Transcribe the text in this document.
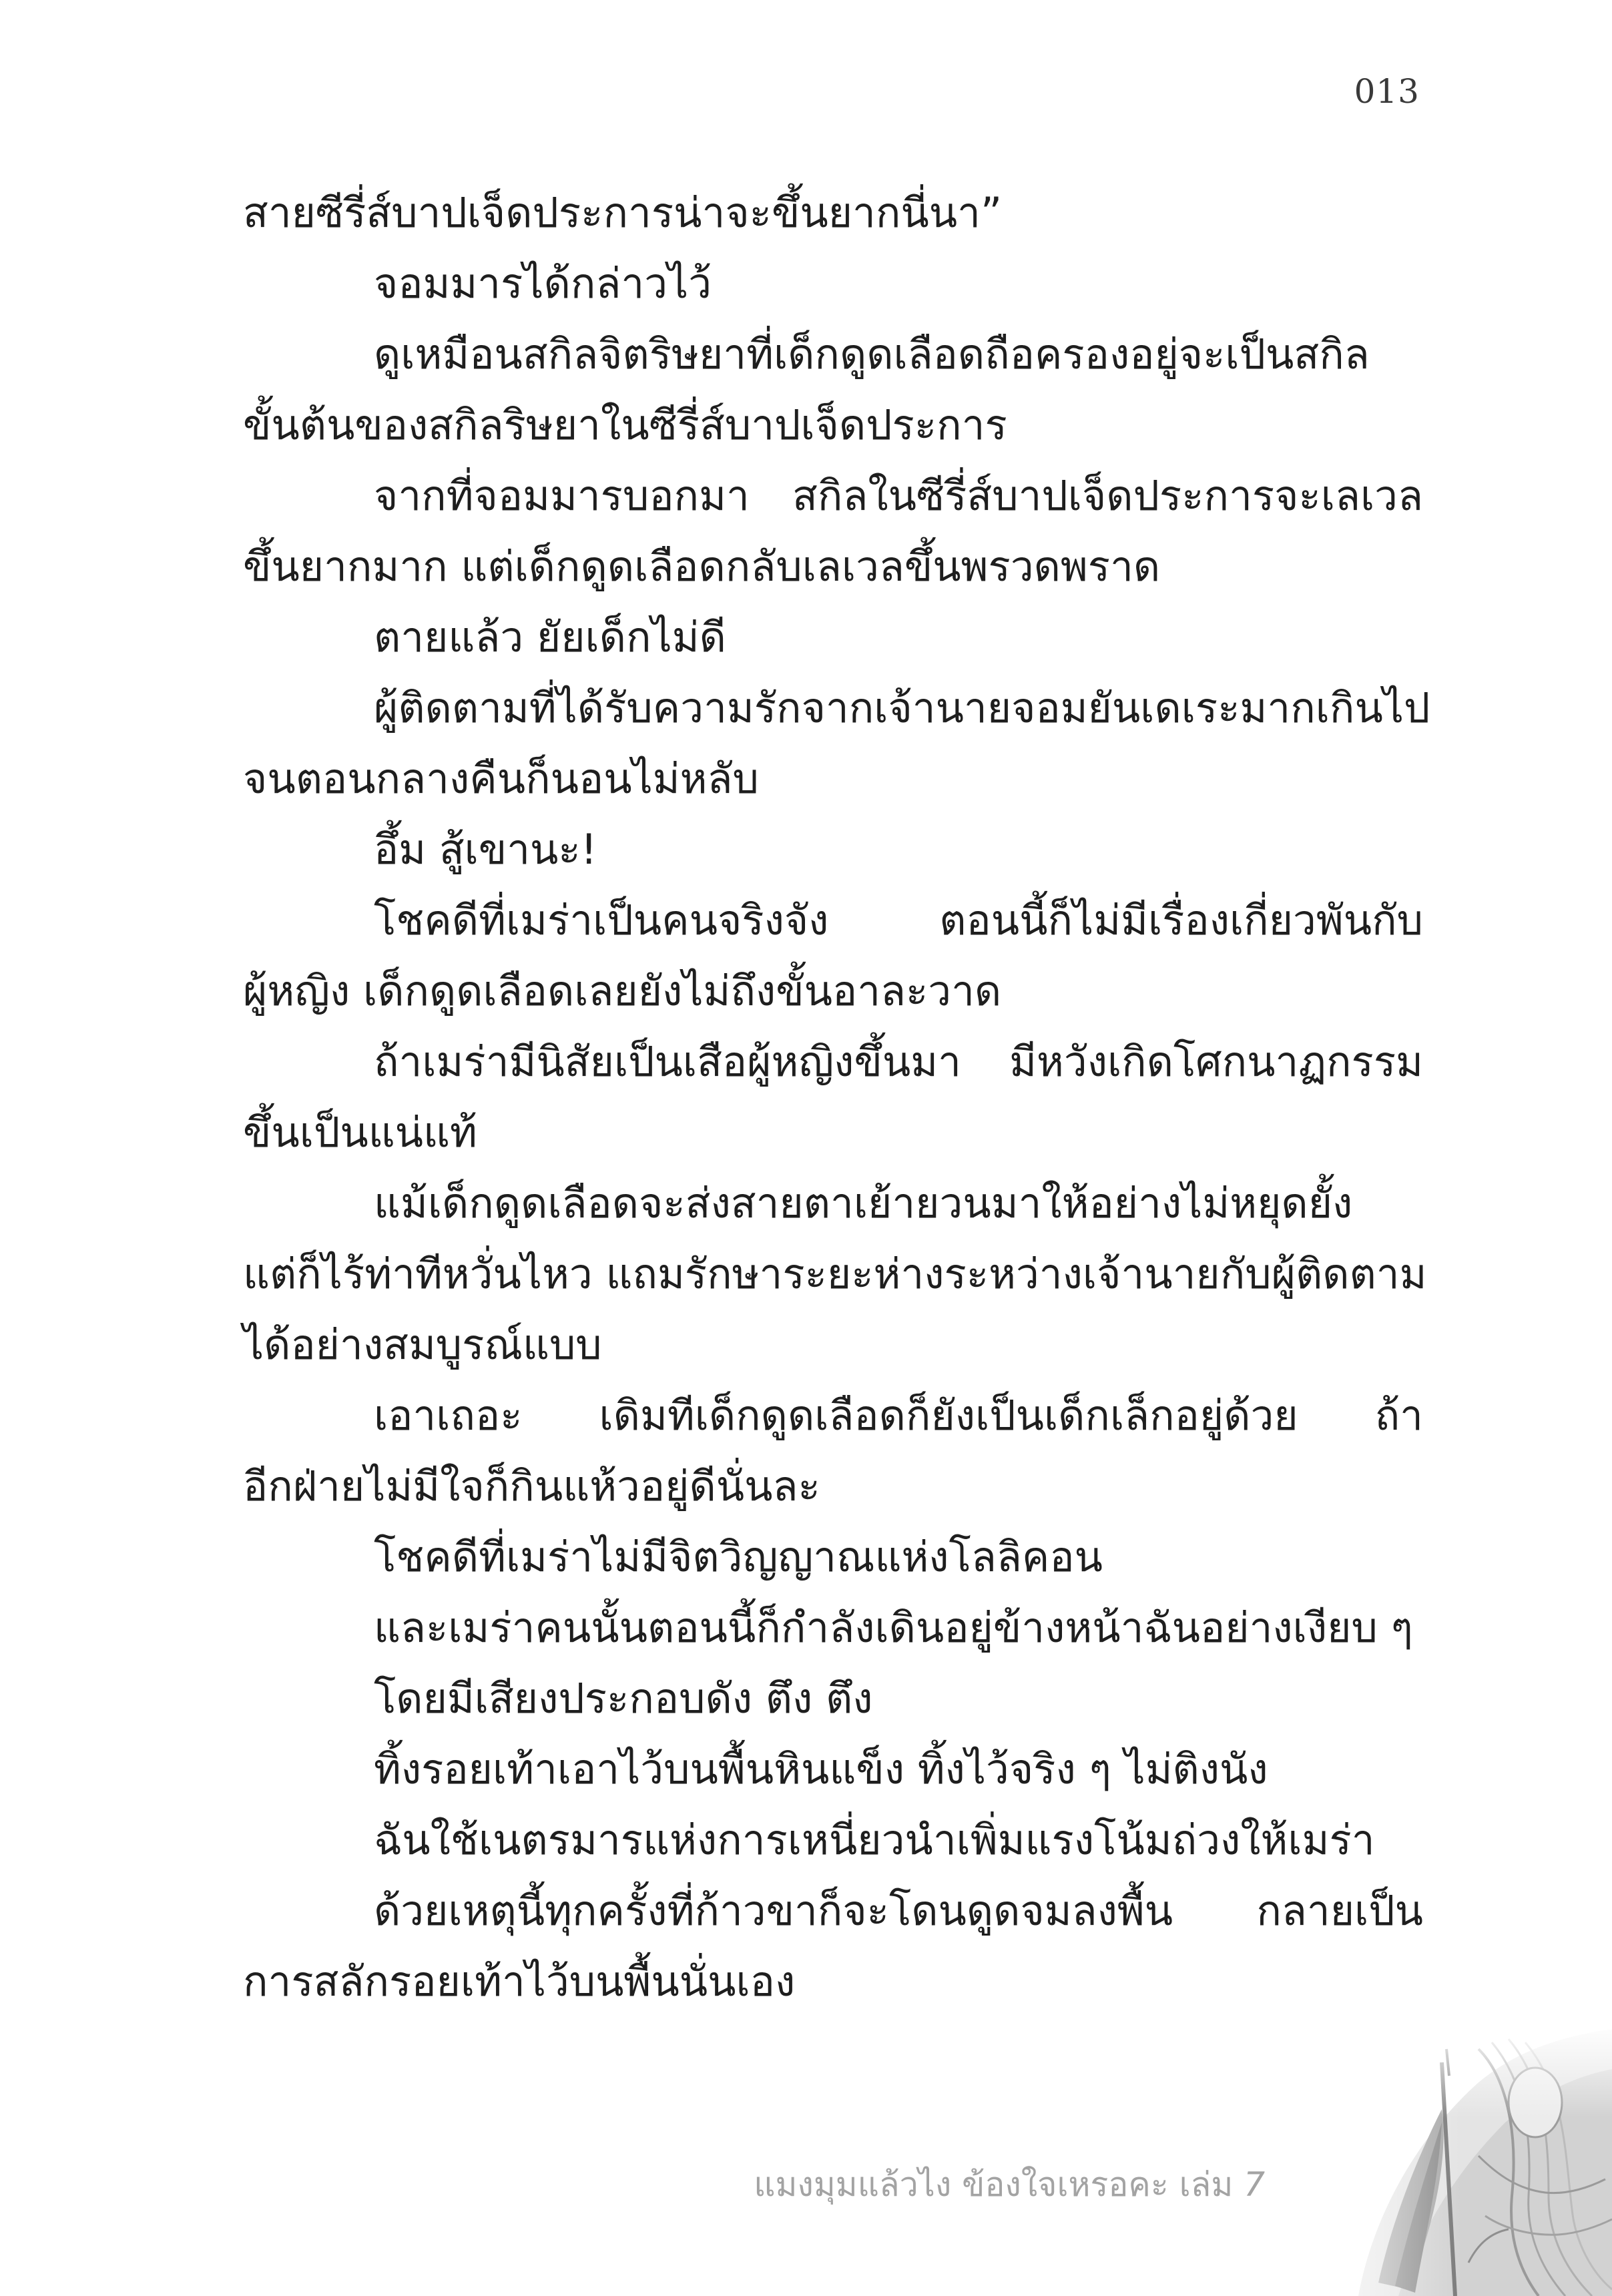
013
สายซีรี่ส์บาปเจ็ดประการน่าจะขึ้นยากนี่นา”
จอมมารได้กล่าวไว้
ดูเหมือนสกิลจิตริษยาที่เด็กดูดเลือดถือครองอยู่จะเป็นสกิล
ขั้นต้นของสกิลริษยาในซีรี่ส์บาปเจ็ดประการ
จากที่จอมมารบอกมา สกิลในซีรี่ส์บาปเจ็ดประการจะเลเวล
ขึ้นยากมาก แต่เด็กดูดเลือดกลับเลเวลขึ้นพรวดพราด
ตายแล้ว ยัยเด็กไม่ดี
ผู้ติดตามที่ได้รับความรักจากเจ้านายจอมยันเดเระมากเกินไป
จนตอนกลางคืนก็นอนไม่หลับ
อึ้ม สู้เขานะ!
โชคดีที่เมร่าเป็นคนจริงจัง ตอนนี้ก็ไม่มีเรื่องเกี่ยวพันกับ
ผู้หญิง เด็กดูดเลือดเลยยังไม่ถึงขั้นอาละวาด
ถ้าเมร่ามีนิสัยเป็นเสือผู้หญิงขึ้นมา มีหวังเกิดโศกนาฏกรรม
ขึ้นเป็นแน่แท้
แม้เด็กดูดเลือดจะส่งสายตาเย้ายวนมาให้อย่างไม่หยุดยั้ง
แต่ก็ไร้ท่าทีหวั่นไหว แถมรักษาระยะห่างระหว่างเจ้านายกับผู้ติดตาม
ได้อย่างสมบูรณ์แบบ
เอาเถอะ เดิมทีเด็กดูดเลือดก็ยังเป็นเด็กเล็กอยู่ด้วย ถ้า
อีกฝ่ายไม่มีใจก็กินแห้วอยู่ดีนั่นละ
โชคดีที่เมร่าไม่มีจิตวิญญาณแห่งโลลิคอน
และเมร่าคนนั้นตอนนี้ก็กำลังเดินอยู่ข้างหน้าฉันอย่างเงียบ ๆ
โดยมีเสียงประกอบดัง ตึง ตึง
ทิ้งรอยเท้าเอาไว้บนพื้นหินแข็ง ทิ้งไว้จริง ๆ ไม่ติงนัง
ฉันใช้เนตรมารแห่งการเหนี่ยวนำเพิ่มแรงโน้มถ่วงให้เมร่า
ด้วยเหตุนี้ทุกครั้งที่ก้าวขาก็จะโดนดูดจมลงพื้น กลายเป็น
การสลักรอยเท้าไว้บนพื้นนั่นเอง
แมงมุมแล้วไง ข้องใจเหรอคะ เล่ม 7
